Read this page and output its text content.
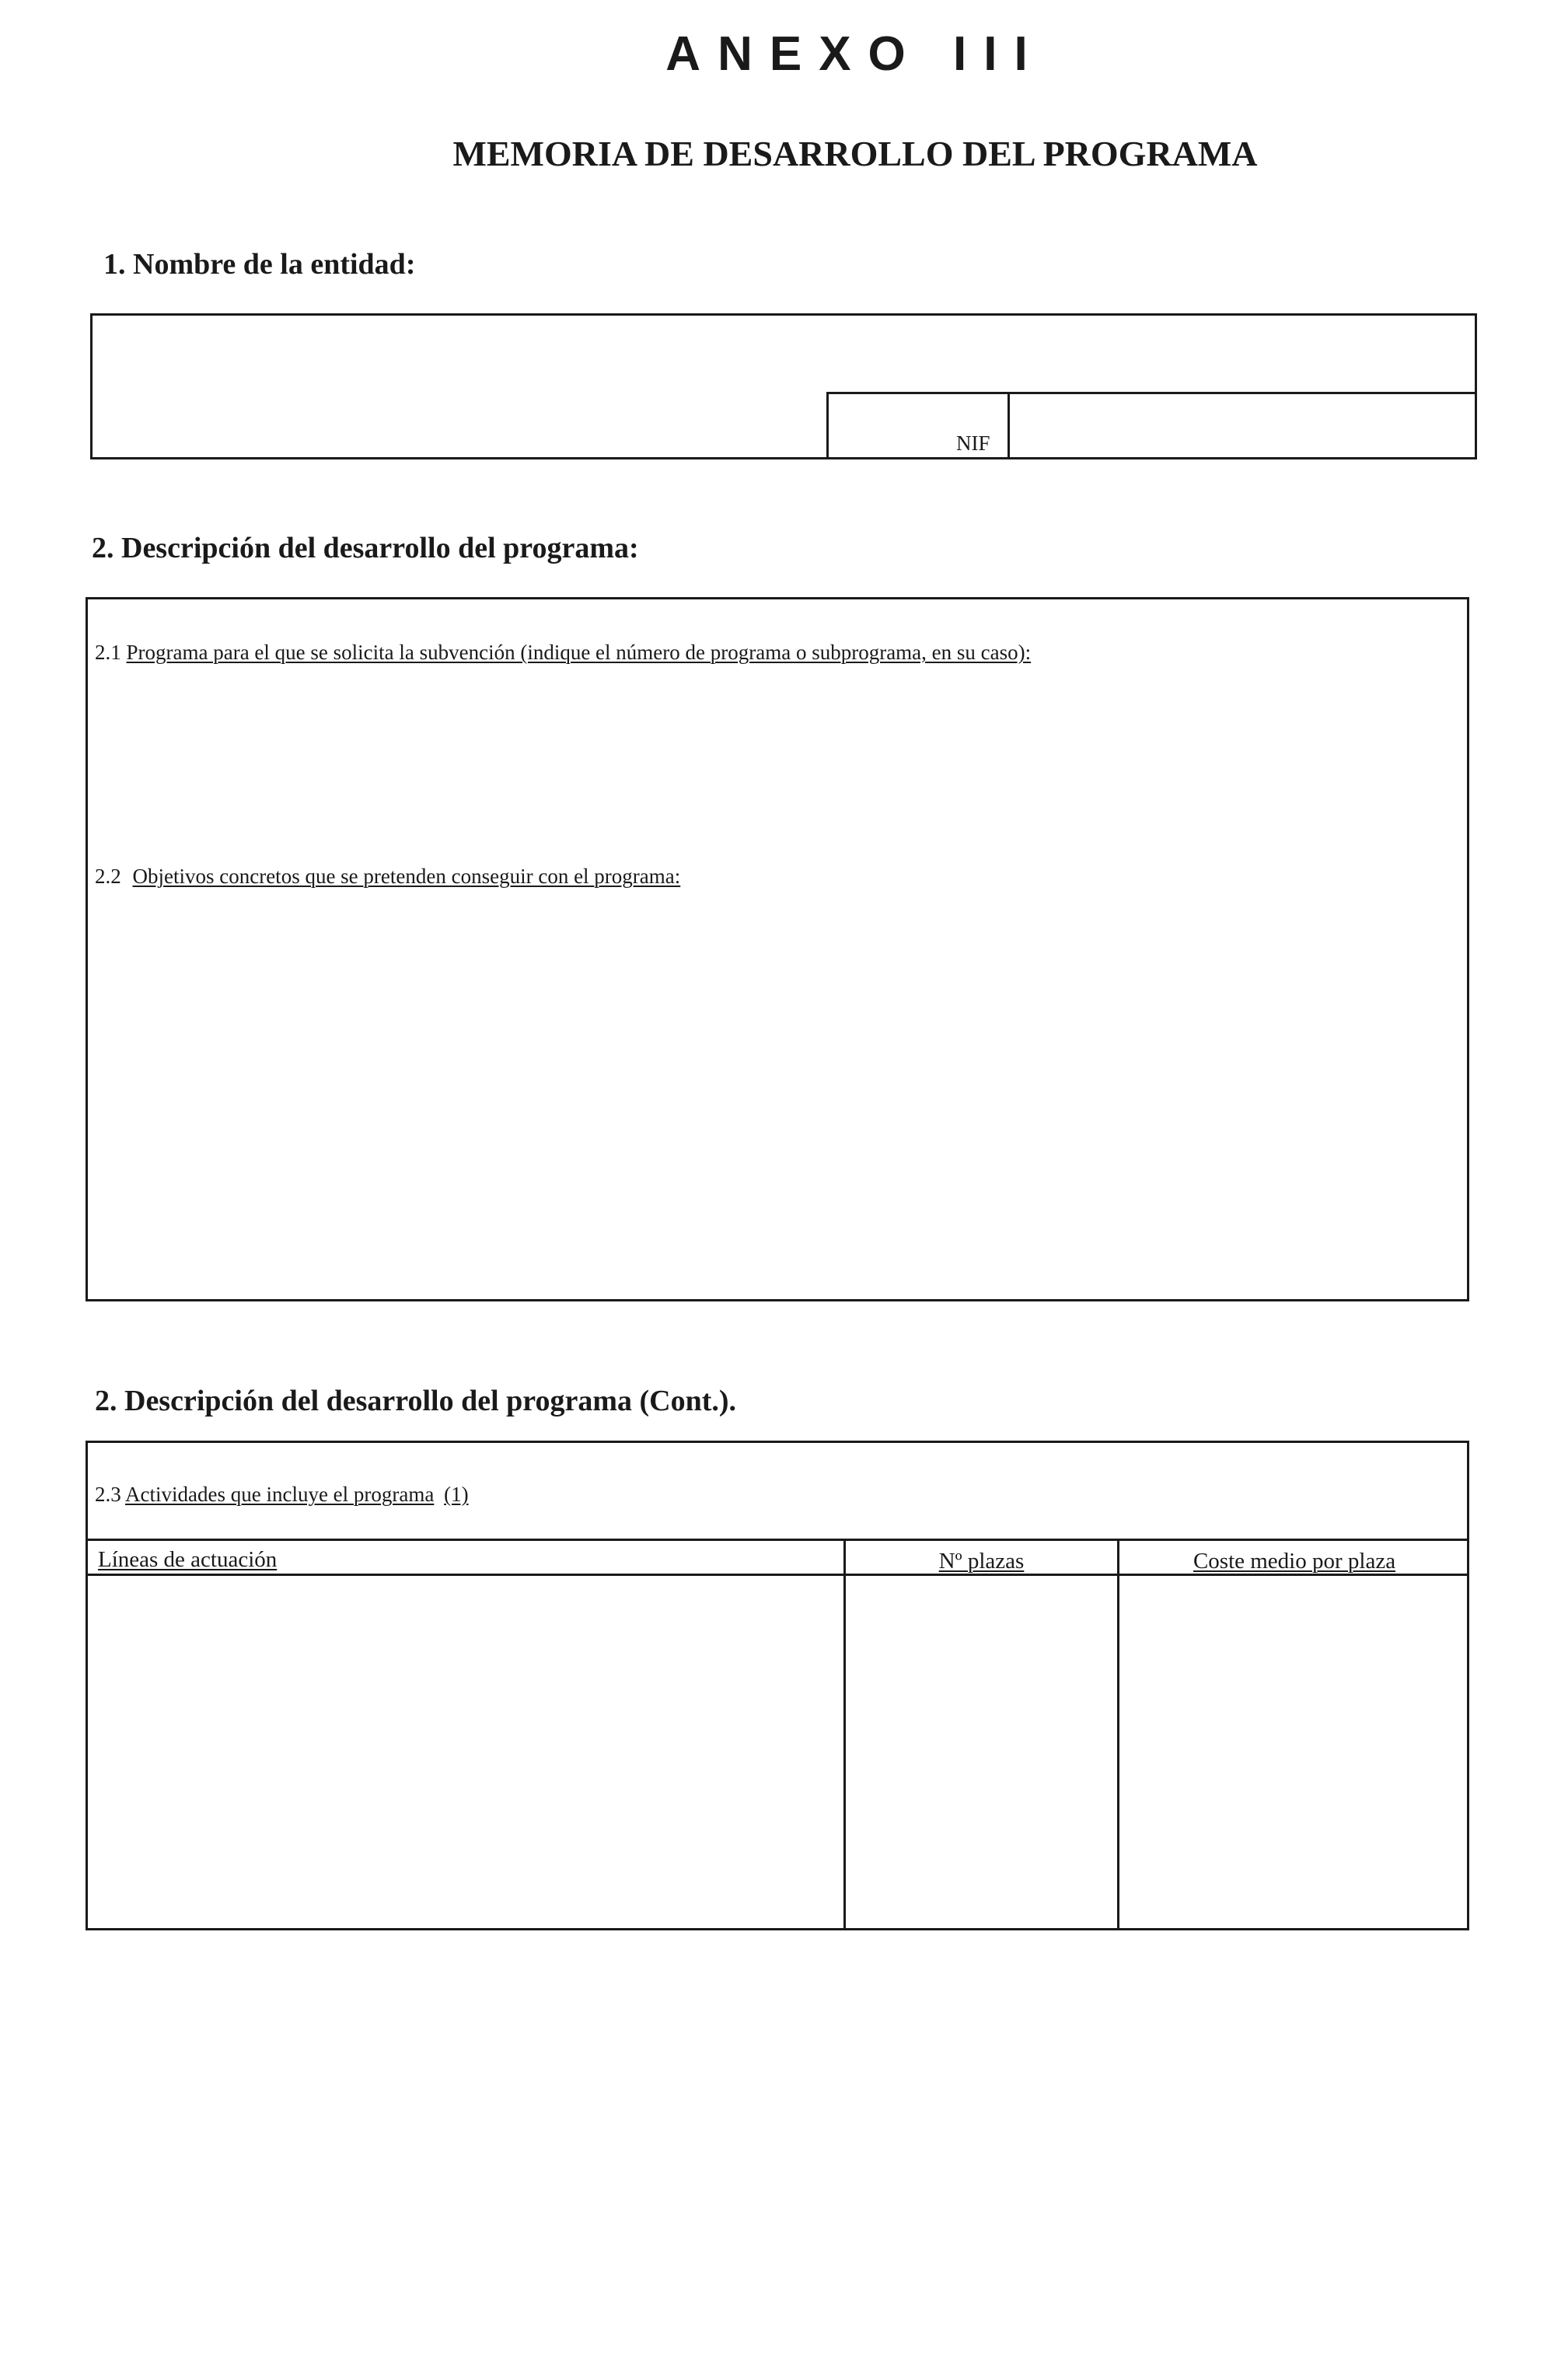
ANEXO III
MEMORIA DE DESARROLLO DEL PROGRAMA
1. Nombre de la entidad:
NIF
2. Descripción del desarrollo del programa:
2.1 Programa para el que se solicita la subvención (indique el número de programa o subprograma, en su caso):
2.2 Objetivos concretos que se pretenden conseguir con el programa:
2. Descripción del desarrollo del programa (Cont.).
2.3 Actividades que incluye el programa (1)
Líneas de actuación	Nº plazas	Coste medio por plaza
